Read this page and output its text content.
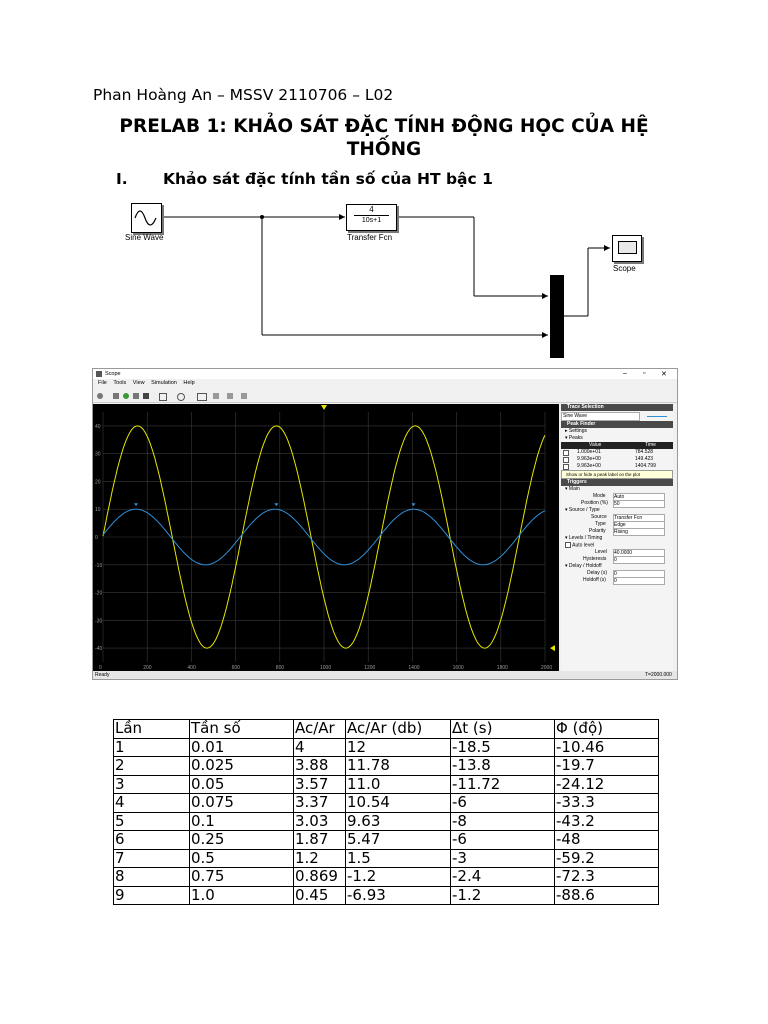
Phan Hoàng An – MSSV 2110706 – L02
PRELAB 1: KHẢO SÁT ĐẶC TÍNH ĐỘNG HỌC CỦA HỆ THỐNG
I. Khảo sát đặc tính tần số của HT bậc 1
Sine Wave
4
10s+1
Transfer Fcn
Scope
Scope	– ▫ ✕
File Tools View Simulation Help
40
30
20
10
0
-10
-20
-30
-40
0	200	400	600	800	1000	1200	1400	1600	1800	2000
Trace Selection
Sine Wave
Peak Finder
▸ Settings
▾ Peaks
Value	Time
1.000e+01	784.528
9.963e+00	149.423
9.963e+00	1404.799
Show or hide a peak label on the plot
Triggers
▾ Main
Mode Auto
Position (%) 50
▾ Source / Type
Source Transfer Fcn
Type Edge
Polarity Rising
▾ Levels / Timing
Auto level
Level 40.0000
Hysteresis 0
▾ Delay / Holdoff
Delay (s) 0
Holdoff (s) 0
Ready	T=2000.000
Lần	Tần số	Ac/Ar	Ac/Ar (db)	Δt (s)	Φ (độ)
1	0.01	4	12	-18.5	-10.46
2	0.025	3.88	11.78	-13.8	-19.7
3	0.05	3.57	11.0	-11.72	-24.12
4	0.075	3.37	10.54	-6	-33.3
5	0.1	3.03	9.63	-8	-43.2
6	0.25	1.87	5.47	-6	-48
7	0.5	1.2	1.5	-3	-59.2
8	0.75	0.869	-1.2	-2.4	-72.3
9	1.0	0.45	-6.93	-1.2	-88.6
